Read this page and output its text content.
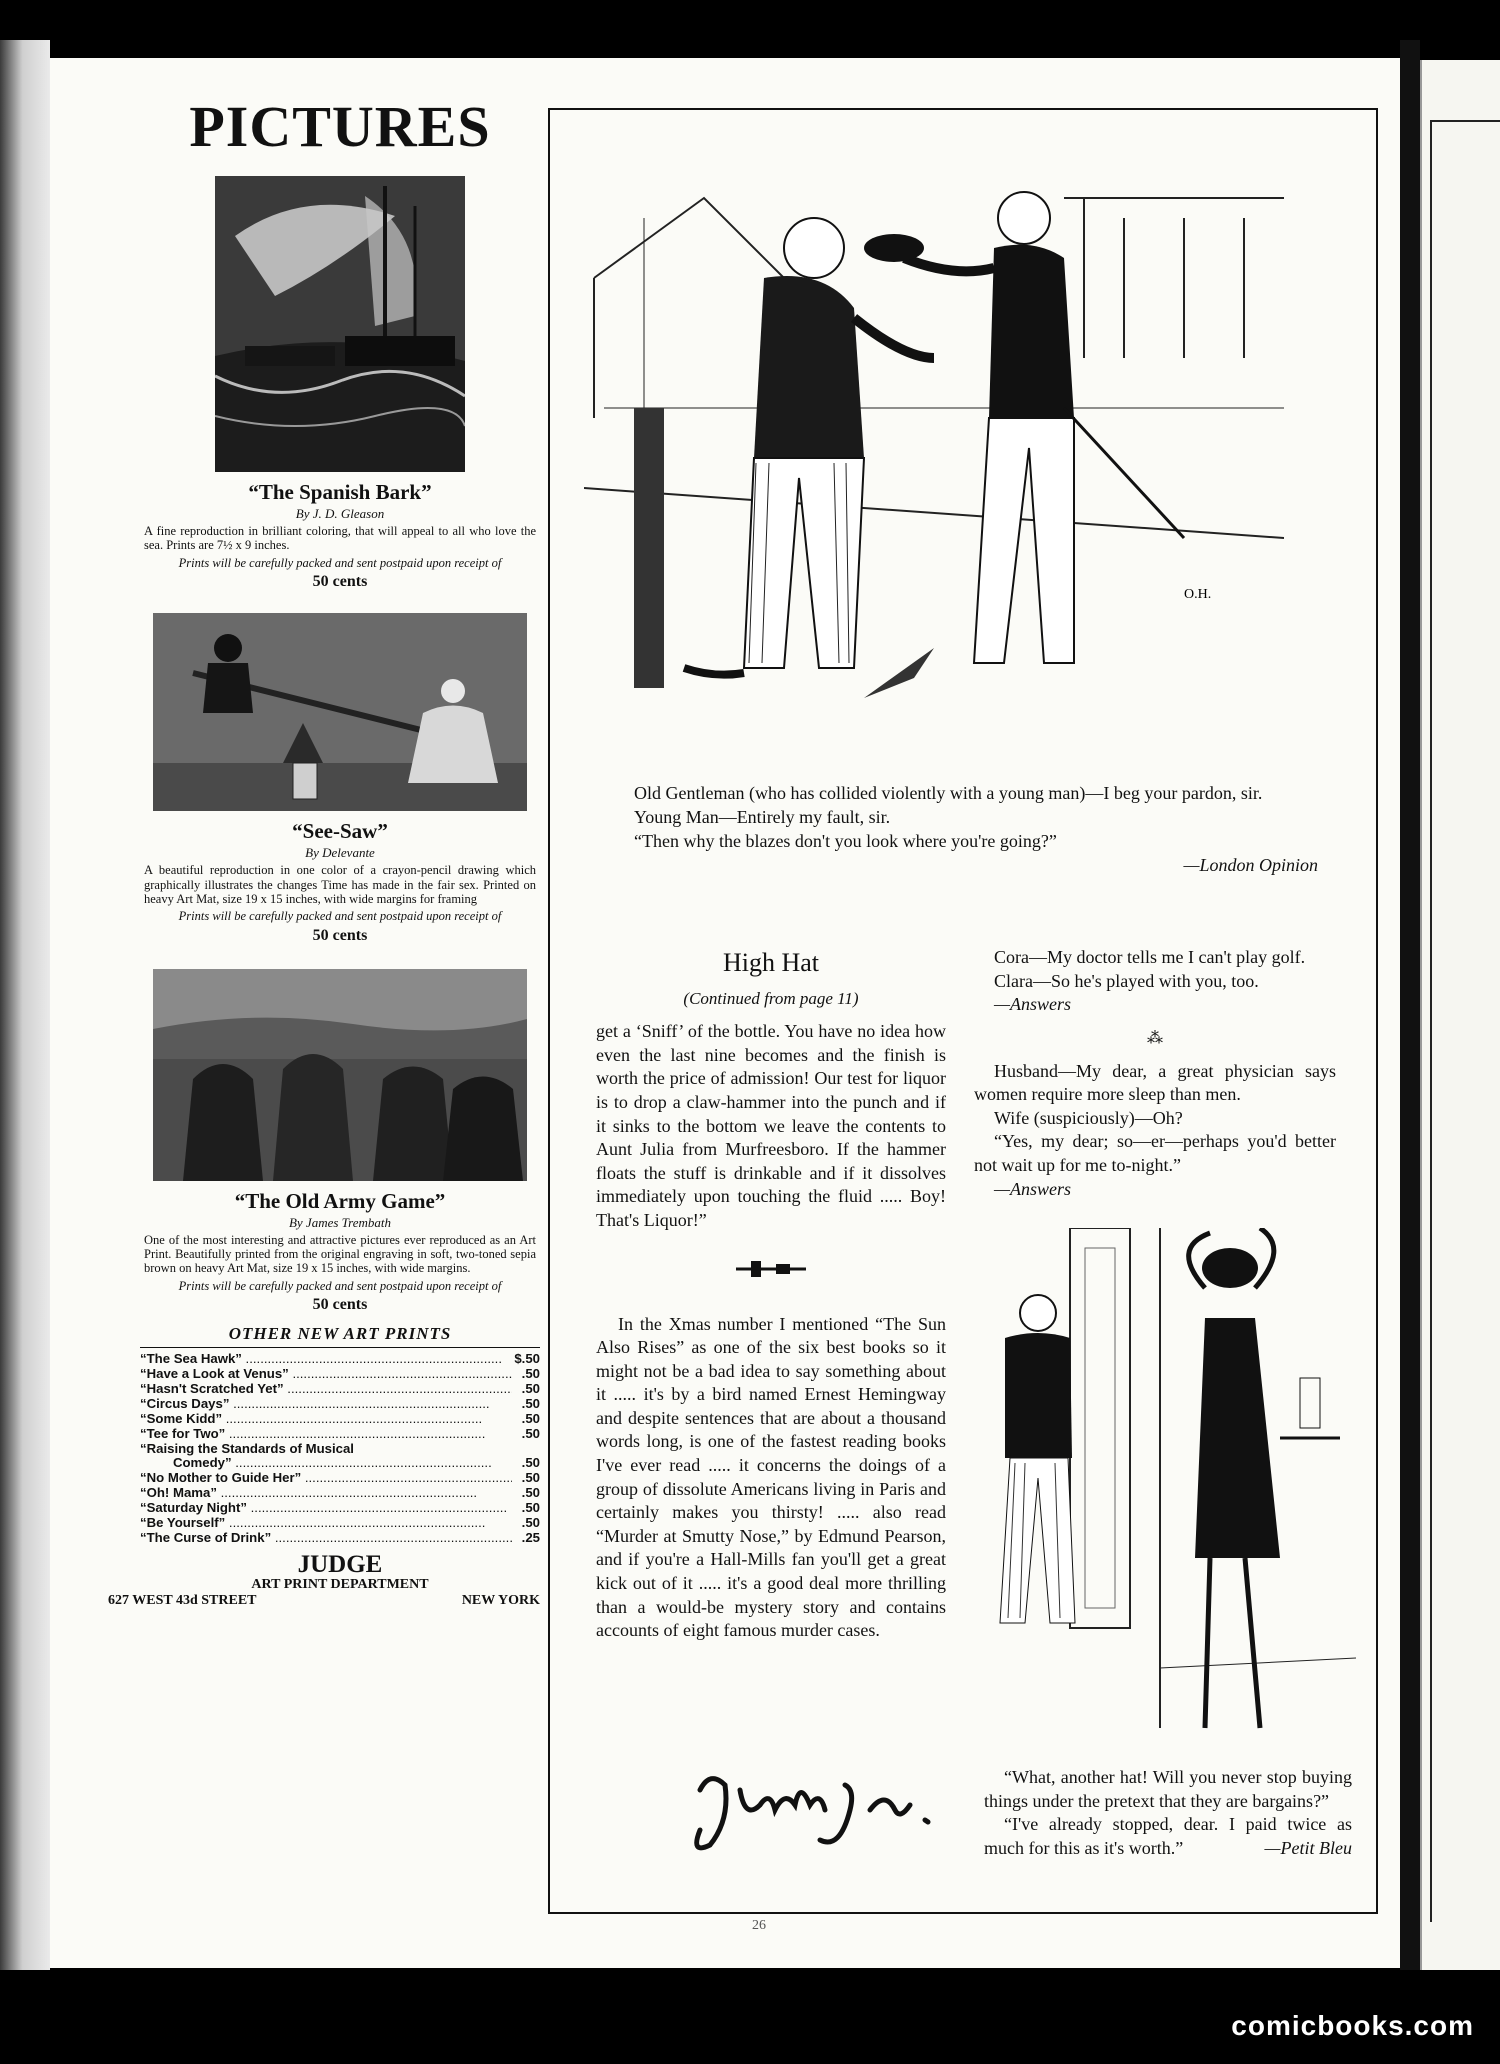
PICTURES
“The Spanish Bark”
By J. D. Gleason
A fine reproduction in brilliant coloring, that will appeal to all who love the sea. Prints are 7½ x 9 inches.
Prints will be carefully packed and sent postpaid upon receipt of
50 cents
“See-Saw”
By Delevante
A beautiful reproduction in one color of a crayon-pencil drawing which graphically illustrates the changes Time has made in the fair sex. Printed on heavy Art Mat, size 19 x 15 inches, with wide margins for framing
Prints will be carefully packed and sent postpaid upon receipt of
50 cents
“The Old Army Game”
By James Trembath
One of the most interesting and attractive pictures ever reproduced as an Art Print. Beautifully printed from the original engraving in soft, two-toned sepia brown on heavy Art Mat, size 19 x 15 inches, with wide margins.
Prints will be carefully packed and sent postpaid upon receipt of
50 cents
OTHER NEW ART PRINTS
“The Sea Hawk” .....	$.50
“Have a Look at Venus” .....	.50
“Hasn't Scratched Yet” .....	.50
“Circus Days” .....	.50
“Some Kidd” .....	.50
“Tee for Two” .....	.50
“Raising the Standards of Musical
Comedy” .....	.50
“No Mother to Guide Her” .....	.50
“Oh! Mama” .....	.50
“Saturday Night” .....	.50
“Be Yourself” .....	.50
“The Curse of Drink” .....	.25
JUDGE
ART PRINT DEPARTMENT
627 WEST 43d STREET	NEW YORK
O.H.

Old Gentleman (who has collided violently with a young man)—I beg your pardon, sir.

Young Man—Entirely my fault, sir.

“Then why the blazes don't you look where you're going?”

—London Opinion

High Hat
(Continued from page 11)

get a ‘Sniff’ of the bottle. You have no idea how even the last nine becomes and the finish is worth the price of admission! Our test for liquor is to drop a claw-hammer into the punch and if it sinks to the bottom we leave the contents to Aunt Julia from Murfreesboro. If the hammer floats the stuff is drinkable and if it dissolves immediately upon touching the fluid ..... Boy! That's Liquor!”

In the Xmas number I mentioned “The Sun Also Rises” as one of the six best books so it might not be a bad idea to say something about it ..... it's by a bird named Ernest Hemingway and despite sentences that are about a thousand words long, is one of the fastest reading books I've ever read ..... it concerns the doings of a group of dissolute Americans living in Paris and certainly makes you thirsty! ..... also read “Murder at Smutty Nose,” by Edmund Pearson, and if you're a Hall-Mills fan you'll get a great kick out of it ..... it's a good deal more thrilling than a would-be mystery story and contains accounts of eight famous murder cases.

Cora—My doctor tells me I can't play golf.

Clara—So he's played with you, too.

—Answers

⁂

Husband—My dear, a great physician says women require more sleep than men.

Wife (suspiciously)—Oh?

“Yes, my dear; so—er—perhaps you'd better not wait up for me to-night.”

—Answers

“What, another hat! Will you never stop buying things under the pretext that they are bargains?”

“I've already stopped, dear. I paid twice as much for this as it's worth.”	—Petit Bleu

26
comicbooks.com
